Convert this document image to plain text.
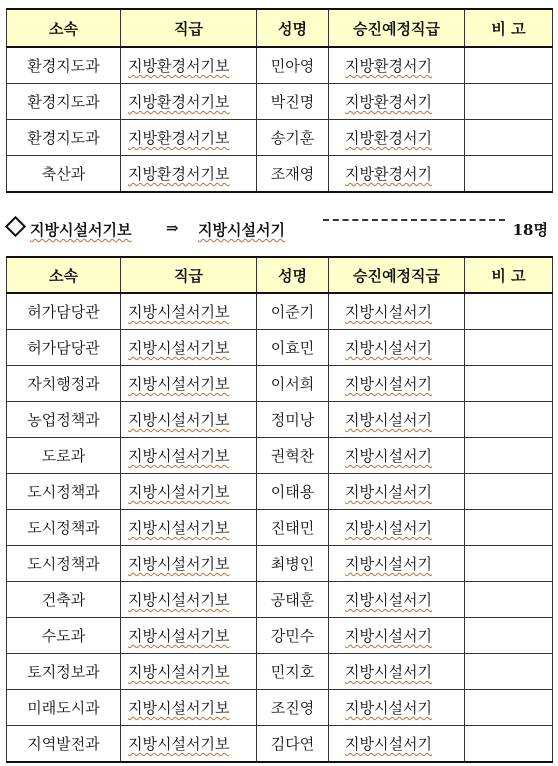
소속	직급	성명	승진예정직급	비 고
환경지도과	지방환경서기보	민아영	지방환경서기	
환경지도과	지방환경서기보	박진명	지방환경서기	
환경지도과	지방환경서기보	송기훈	지방환경서기	
축산과	지방환경서기보	조재영	지방환경서기	
지방시설서기보 ⇒ 지방시설서기	18명
소속	직급	성명	승진예정직급	비 고
허가담당관	지방시설서기보	이준기	지방시설서기	
허가담당관	지방시설서기보	이효민	지방시설서기	
자치행정과	지방시설서기보	이서희	지방시설서기	
농업정책과	지방시설서기보	정미낭	지방시설서기	
도로과	지방시설서기보	권혁찬	지방시설서기	
도시정책과	지방시설서기보	이태용	지방시설서기	
도시정책과	지방시설서기보	진태민	지방시설서기	
도시정책과	지방시설서기보	최병인	지방시설서기	
건축과	지방시설서기보	공태훈	지방시설서기	
수도과	지방시설서기보	강민수	지방시설서기	
토지정보과	지방시설서기보	민지호	지방시설서기	
미래도시과	지방시설서기보	조진영	지방시설서기	
지역발전과	지방시설서기보	김다연	지방시설서기	
